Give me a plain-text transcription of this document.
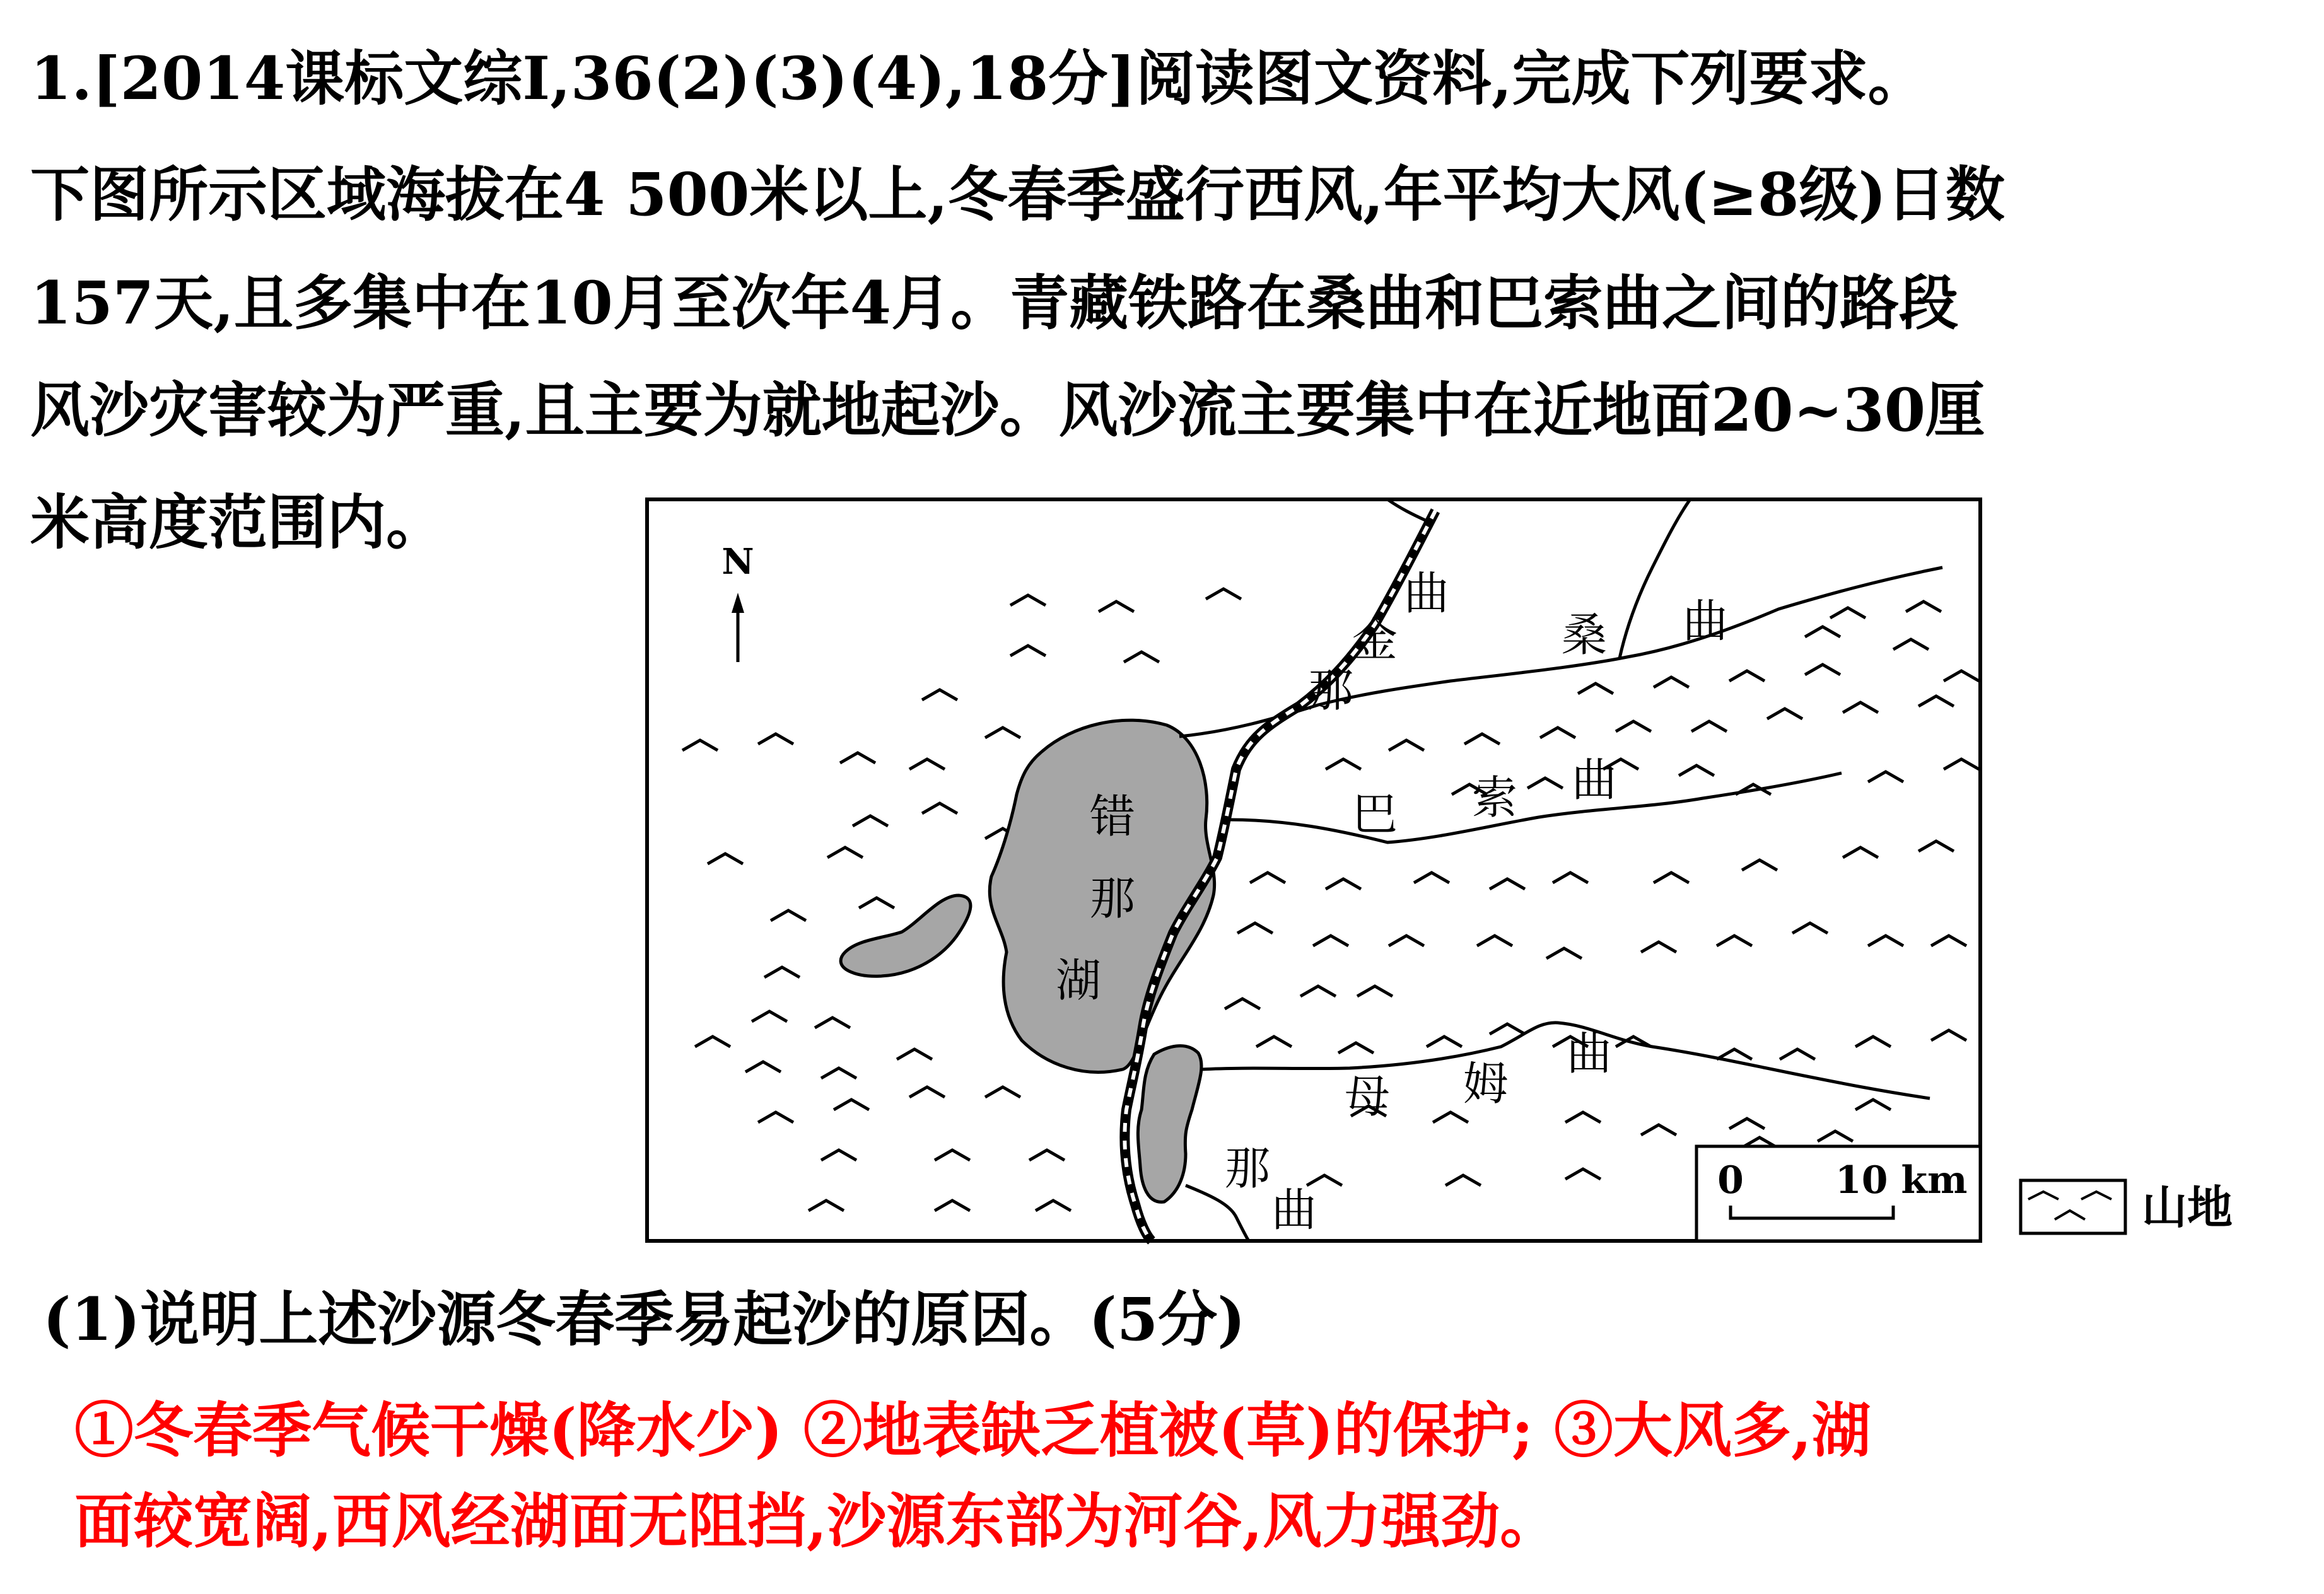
1.[2014课标文综Ⅰ,36(2)(3)(4),18分]阅读图文资料,完成下列要求。
下图所示区域海拔在4 500米以上,冬春季盛行西风,年平均大风(≥8级)日数
157天,且多集中在10月至次年4月。青藏铁路在桑曲和巴索曲之间的路段
风沙灾害较为严重,且主要为就地起沙。风沙流主要集中在近地面20~30厘
米高度范围内。
N
错
那
湖
金
那
曲
桑 曲
巴 索 曲
母 姆
曲
那
曲
0 10 km	山地
(1)说明上述沙源冬春季易起沙的原因。(5分)
①冬春季气候干燥(降水少) ②地表缺乏植被(草)的保护; ③大风多,湖
面较宽阔,西风经湖面无阻挡,沙源东部为河谷,风力强劲。
